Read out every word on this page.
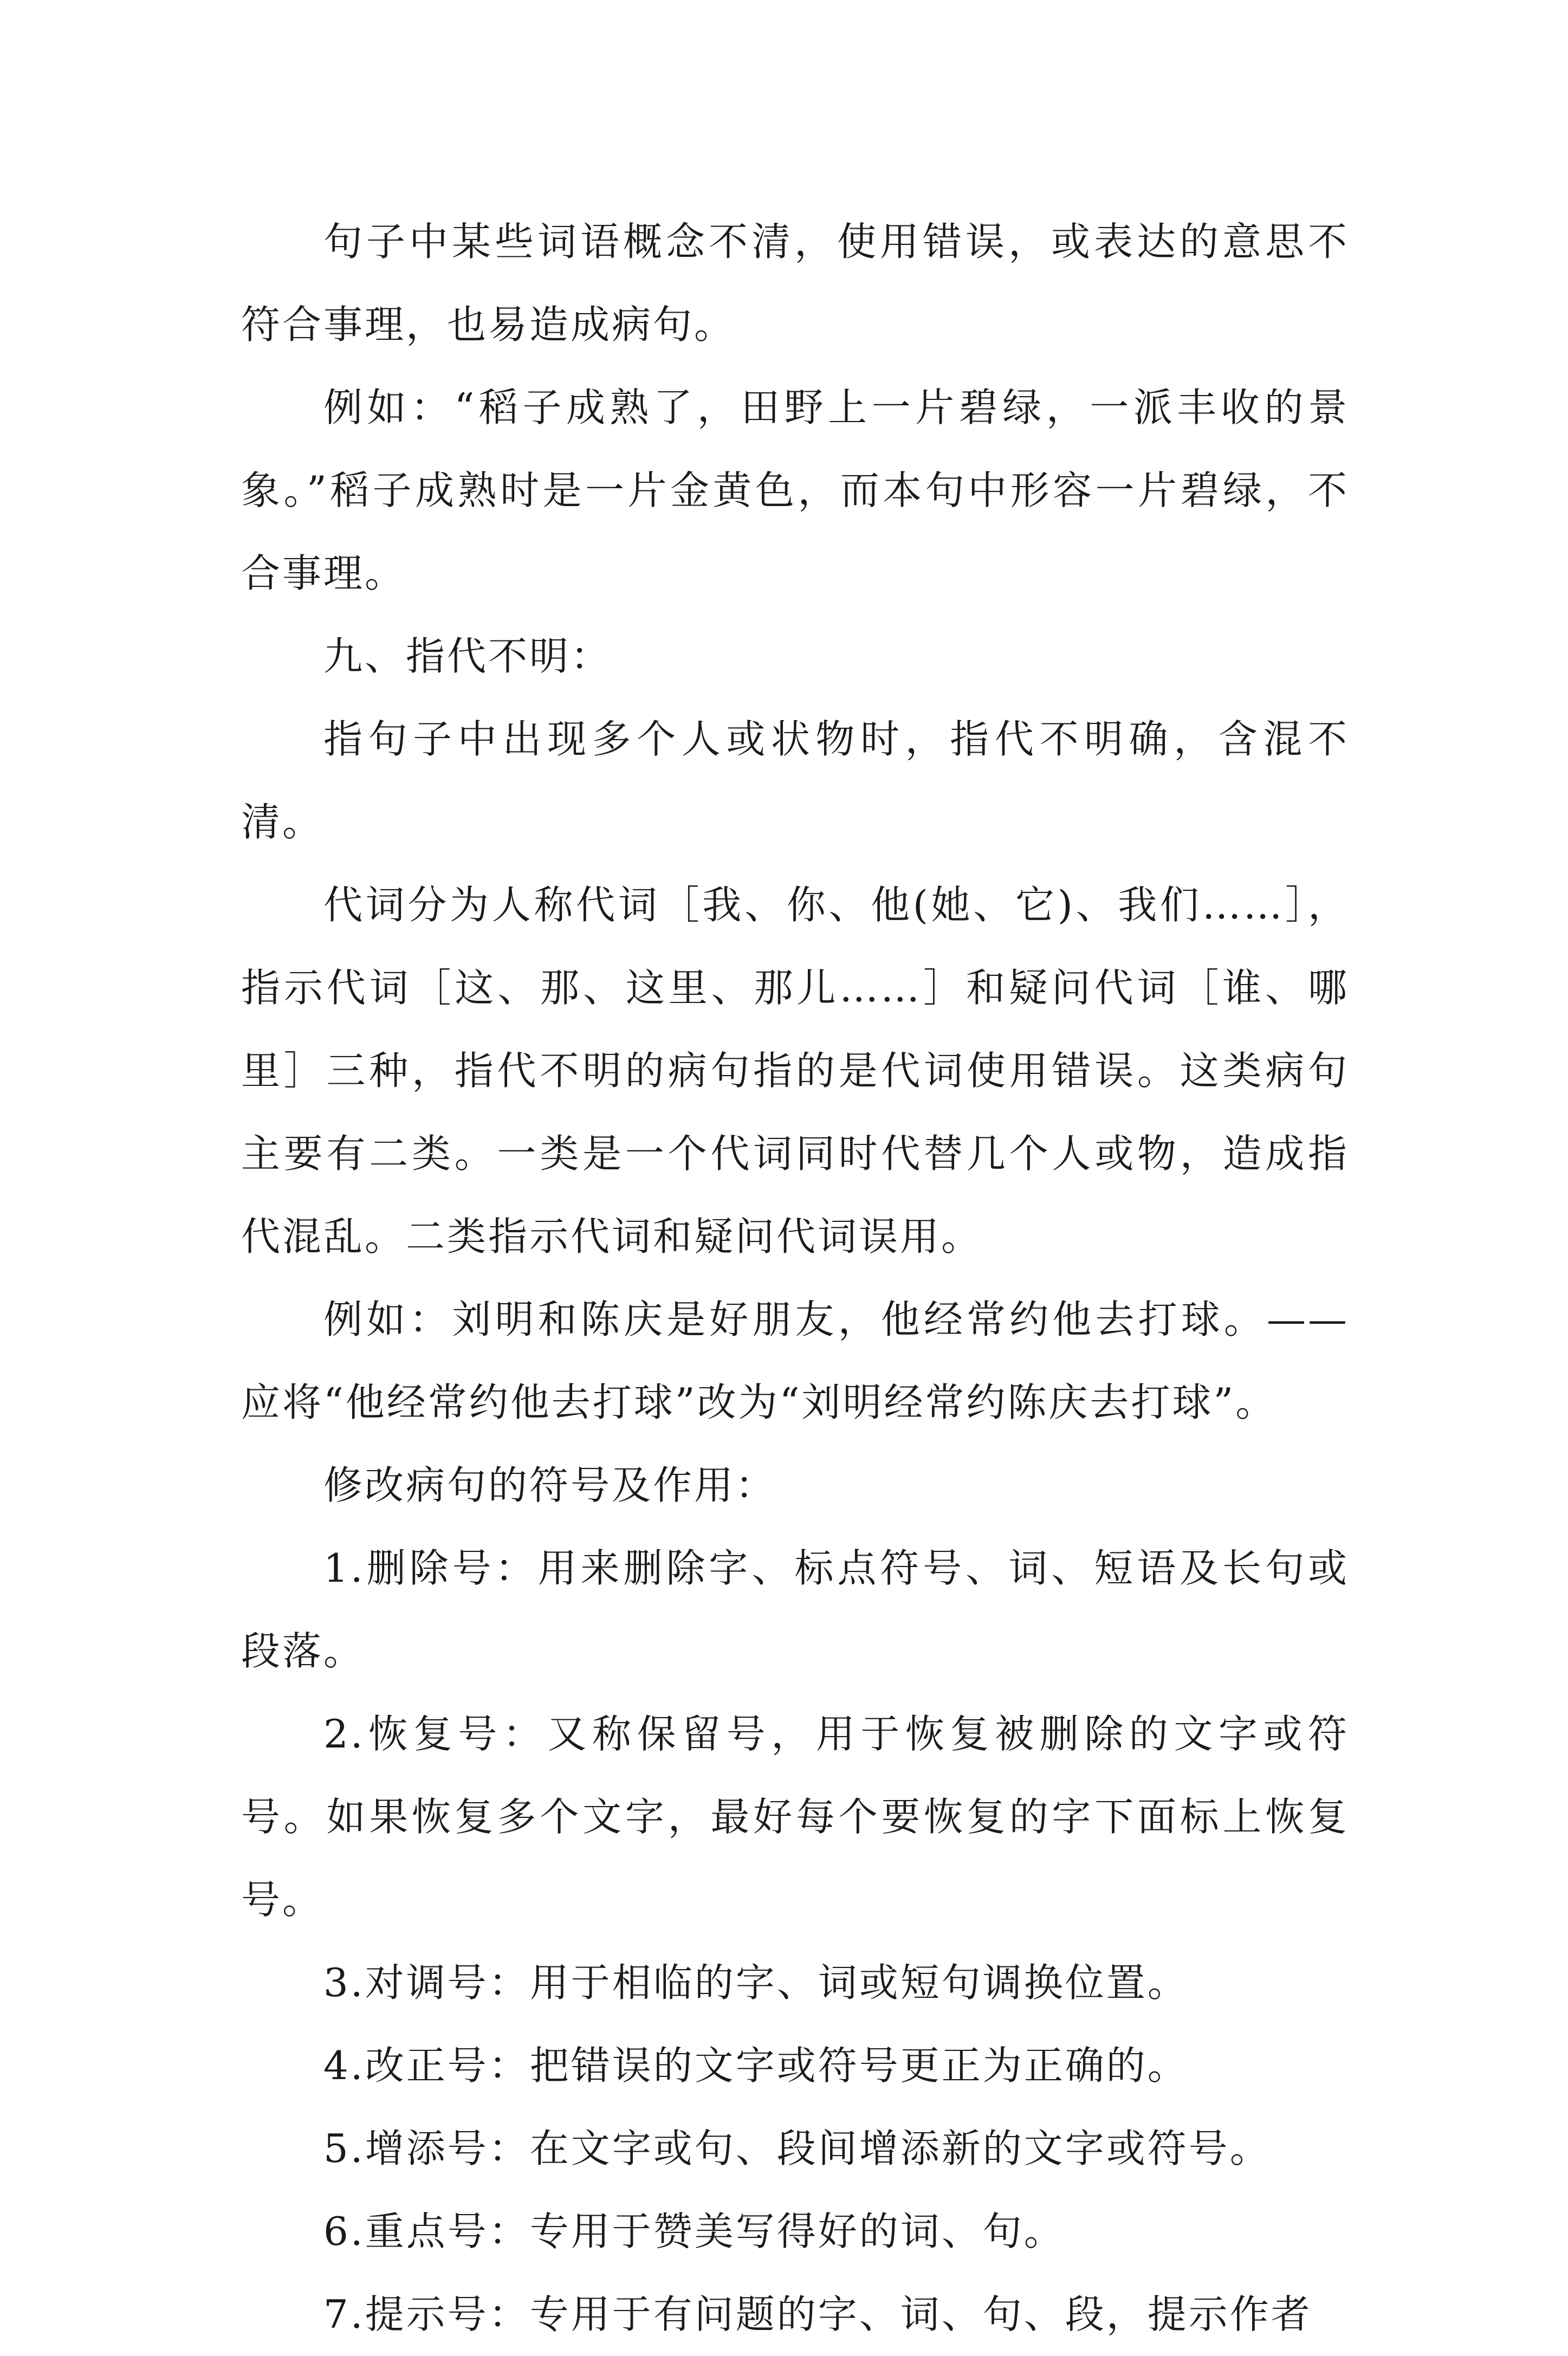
句子中某些词语概念不清，使用错误，或表达的意思不符合事理，也易造成病句。

例如：“稻子成熟了，田野上一片碧绿，一派丰收的景象。”稻子成熟时是一片金黄色，而本句中形容一片碧绿，不合事理。

九、指代不明：

指句子中出现多个人或状物时，指代不明确，含混不清。

代词分为人称代词［我、你、他(她、它)、我们……］，指示代词［这、那、这里、那儿……］和疑问代词［谁、哪里］三种，指代不明的病句指的是代词使用错误。这类病句主要有二类。一类是一个代词同时代替几个人或物，造成指代混乱。二类指示代词和疑问代词误用。

例如：刘明和陈庆是好朋友，他经常约他去打球。——应将“他经常约他去打球”改为“刘明经常约陈庆去打球”。

修改病句的符号及作用：

1.删除号：用来删除字、标点符号、词、短语及长句或段落。

2.恢复号：又称保留号，用于恢复被删除的文字或符号。如果恢复多个文字，最好每个要恢复的字下面标上恢复号。

3.对调号：用于相临的字、词或短句调换位置。

4.改正号：把错误的文字或符号更正为正确的。

5.增添号：在文字或句、段间增添新的文字或符号。

6.重点号：专用于赞美写得好的词、句。

7.提示号：专用于有问题的字、词、句、段，提示作者
